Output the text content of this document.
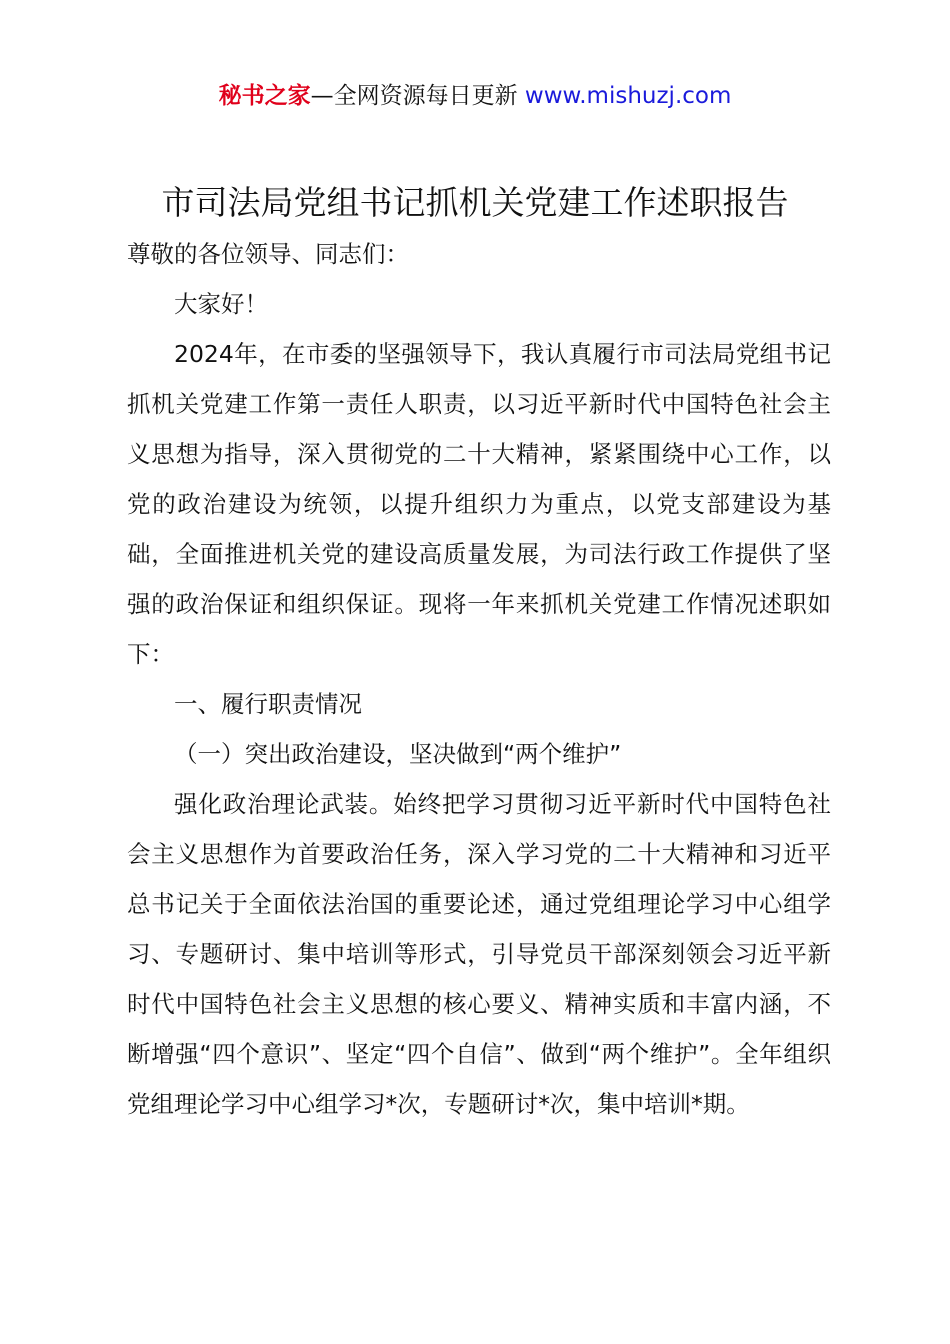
秘书之家—全网资源每日更新 www.mishuzj.com
市司法局党组书记抓机关党建工作述职报告

尊敬的各位领导、同志们：

大家好！

2024年，在市委的坚强领导下，我认真履行市司法局党组书记抓机关党建工作第一责任人职责，以习近平新时代中国特色社会主义思想为指导，深入贯彻党的二十大精神，紧紧围绕中心工作，以党的政治建设为统领，以提升组织力为重点，以党支部建设为基础，全面推进机关党的建设高质量发展，为司法行政工作提供了坚强的政治保证和组织保证。现将一年来抓机关党建工作情况述职如下：

一、履行职责情况

（一）突出政治建设，坚决做到“两个维护”

强化政治理论武装。始终把学习贯彻习近平新时代中国特色社会主义思想作为首要政治任务，深入学习党的二十大精神和习近平总书记关于全面依法治国的重要论述，通过党组理论学习中心组学习、专题研讨、集中培训等形式，引导党员干部深刻领会习近平新时代中国特色社会主义思想的核心要义、精神实质和丰富内涵，不断增强“四个意识”、坚定“四个自信”、做到“两个维护”。全年组织党组理论学习中心组学习*次，专题研讨*次，集中培训*期。
